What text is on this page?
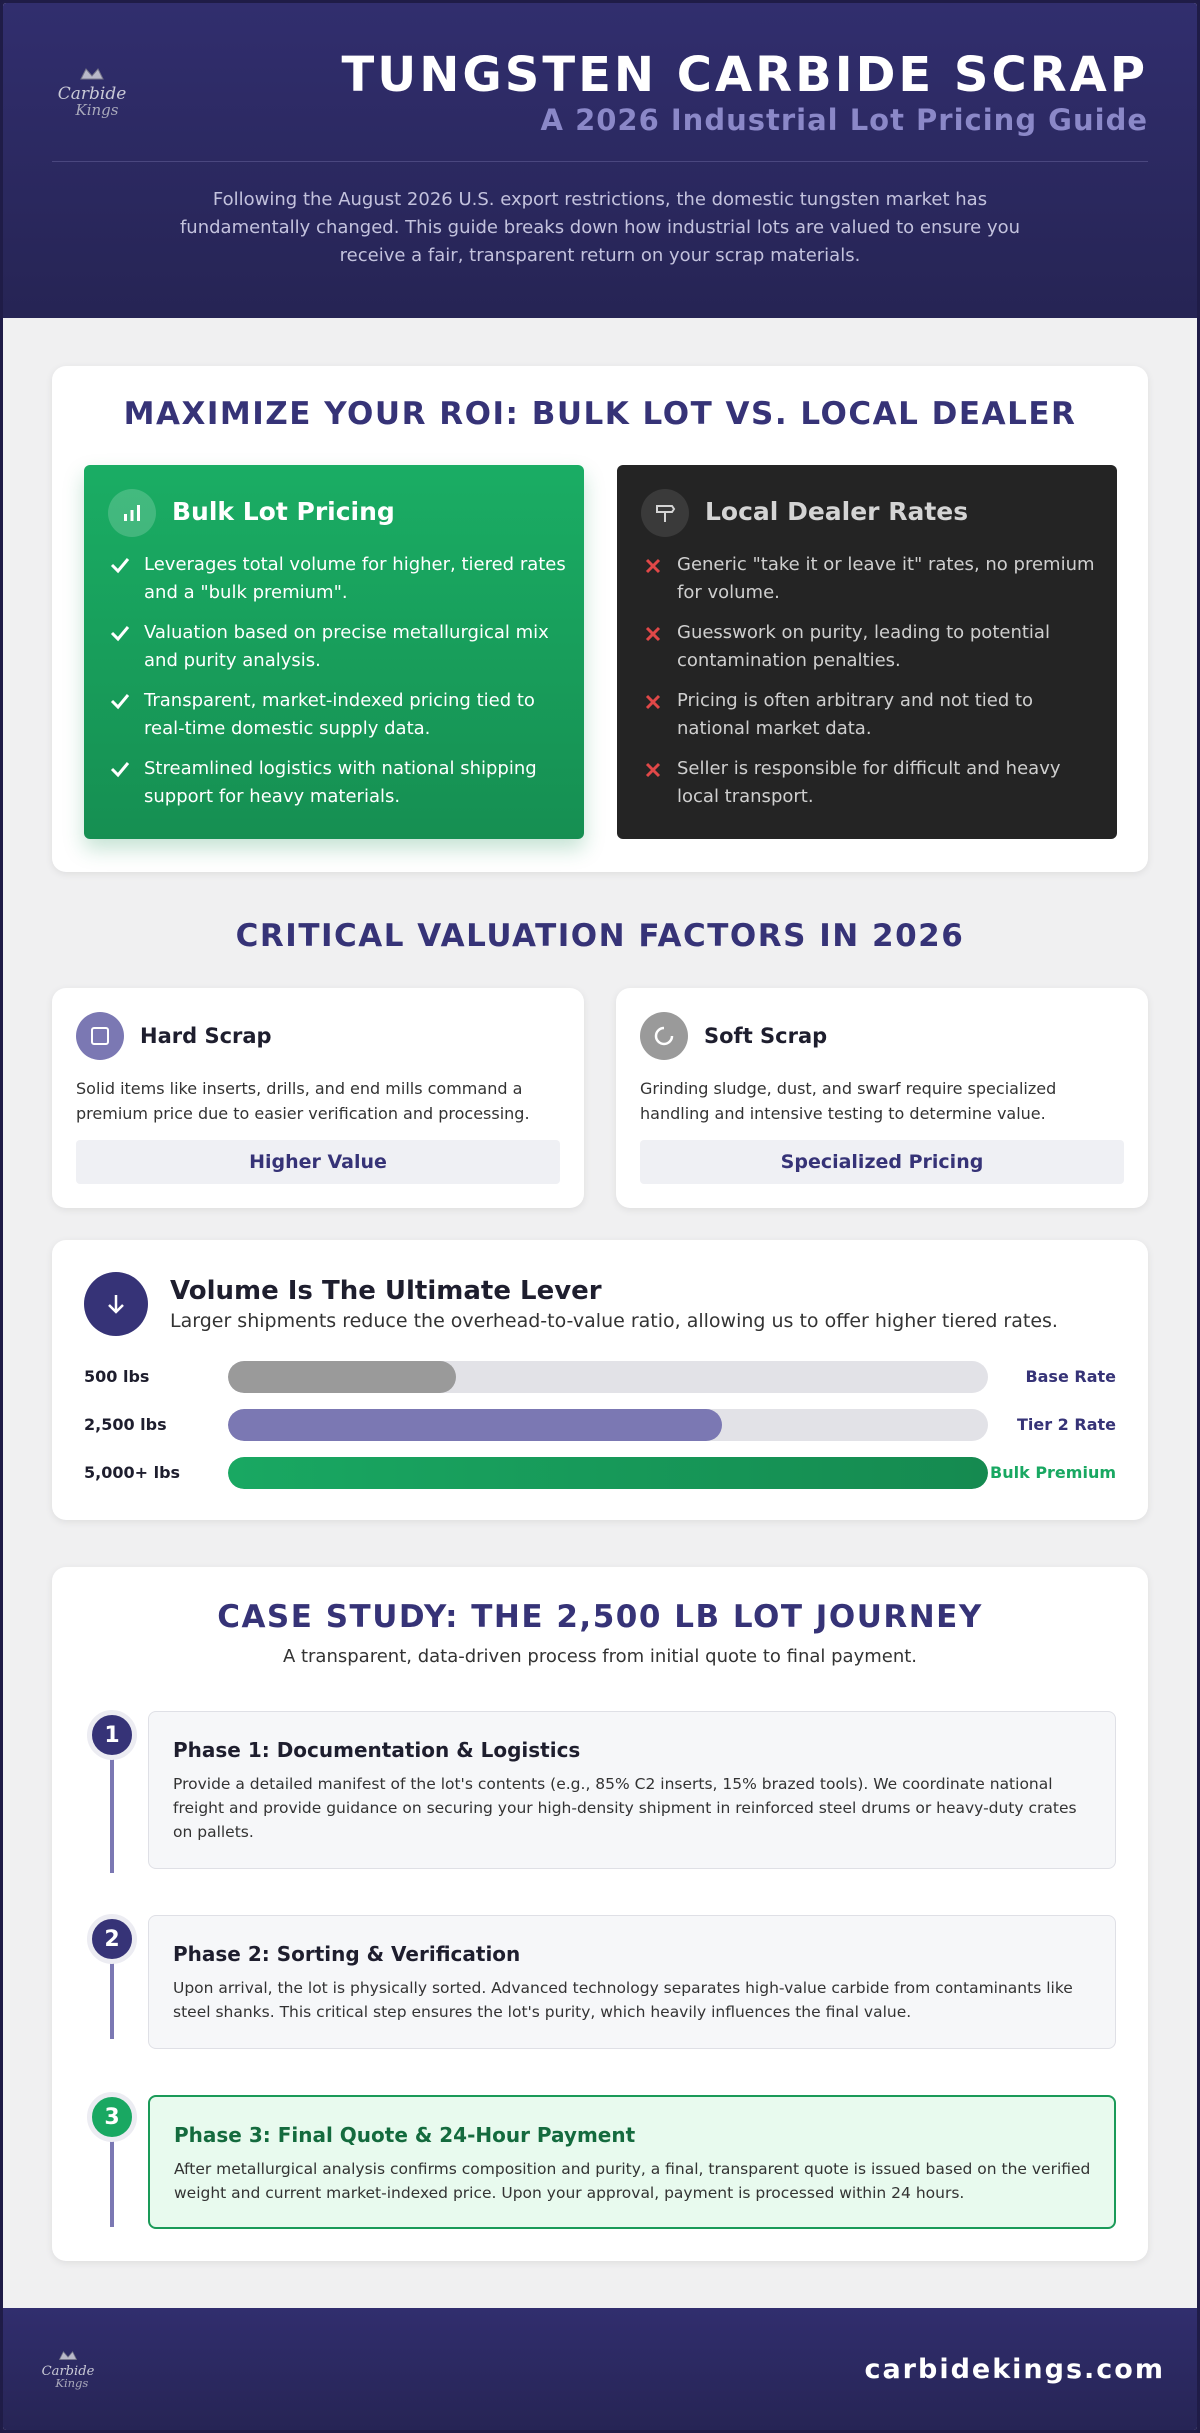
Carbide
Kings
TUNGSTEN CARBIDE SCRAP
A 2026 Industrial Lot Pricing Guide
Following the August 2026 U.S. export restrictions, the domestic tungsten market has fundamentally changed. This guide breaks down how industrial lots are valued to ensure you receive a fair, transparent return on your scrap materials.
MAXIMIZE YOUR ROI: BULK LOT VS. LOCAL DEALER
Bulk Lot Pricing
Leverages total volume for higher, tiered rates and a "bulk premium".
Valuation based on precise metallurgical mix and purity analysis.
Transparent, market-indexed pricing tied to real-time domestic supply data.
Streamlined logistics with national shipping support for heavy materials.
Local Dealer Rates
Generic "take it or leave it" rates, no premium for volume.
Guesswork on purity, leading to potential contamination penalties.
Pricing is often arbitrary and not tied to national market data.
Seller is responsible for difficult and heavy local transport.
CRITICAL VALUATION FACTORS IN 2026
Hard Scrap
Solid items like inserts, drills, and end mills command a premium price due to easier verification and processing.
Higher Value
Soft Scrap
Grinding sludge, dust, and swarf require specialized handling and intensive testing to determine value.
Specialized Pricing
Volume Is The Ultimate Lever
Larger shipments reduce the overhead-to-value ratio, allowing us to offer higher tiered rates.
500 lbs	Base Rate
2,500 lbs	Tier 2 Rate
5,000+ lbs	Bulk Premium
CASE STUDY: THE 2,500 LB LOT JOURNEY
A transparent, data-driven process from initial quote to final payment.
1
Phase 1: Documentation & Logistics
Provide a detailed manifest of the lot's contents (e.g., 85% C2 inserts, 15% brazed tools). We coordinate national freight and provide guidance on securing your high-density shipment in reinforced steel drums or heavy-duty crates on pallets.
2
Phase 2: Sorting & Verification
Upon arrival, the lot is physically sorted. Advanced technology separates high-value carbide from contaminants like steel shanks. This critical step ensures the lot's purity, which heavily influences the final value.
3
Phase 3: Final Quote & 24-Hour Payment
After metallurgical analysis confirms composition and purity, a final, transparent quote is issued based on the verified weight and current market-indexed price. Upon your approval, payment is processed within 24 hours.
Carbide
Kings	carbidekings.com
